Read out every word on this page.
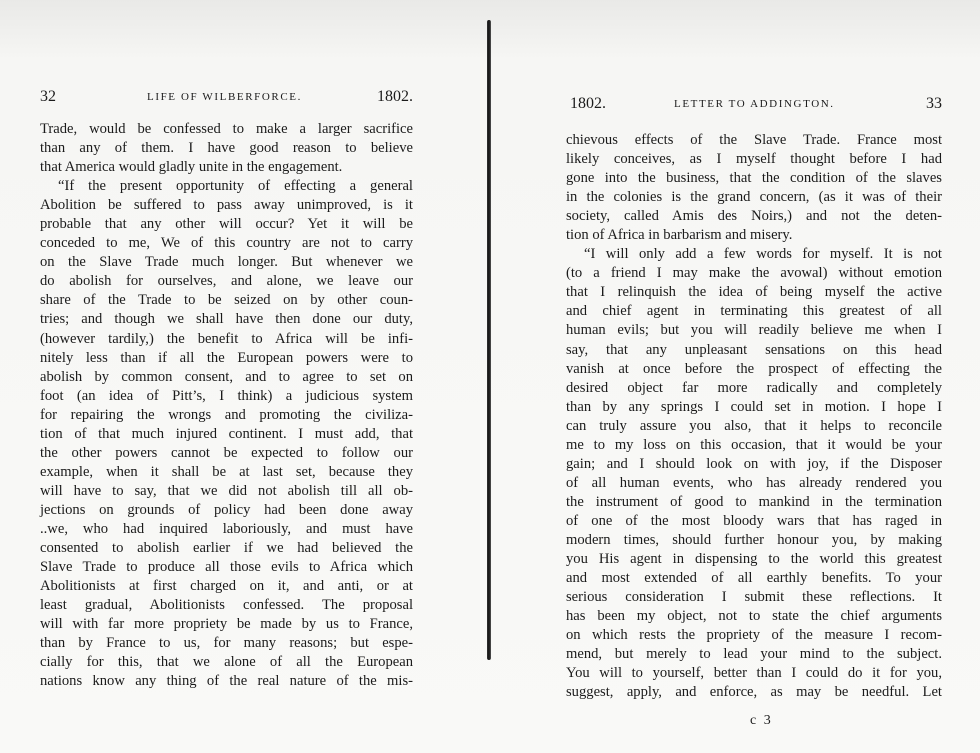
32	LIFE OF WILBERFORCE.	1802.
Trade, would be confessed to make a larger sacrifice
than any of them. I have good reason to believe
that America would gladly unite in the engagement.
“If the present opportunity of effecting a general
Abolition be suffered to pass away unimproved, is it
probable that any other will occur? Yet it will be
conceded to me, We of this country are not to carry
on the Slave Trade much longer. But whenever we
do abolish for ourselves, and alone, we leave our
share of the Trade to be seized on by other coun-
tries; and though we shall have then done our duty,
(however tardily,) the benefit to Africa will be infi-
nitely less than if all the European powers were to
abolish by common consent, and to agree to set on
foot (an idea of Pitt’s, I think) a judicious system
for repairing the wrongs and promoting the civiliza-
tion of that much injured continent. I must add, that
the other powers cannot be expected to follow our
example, when it shall be at last set, because they
will have to say, that we did not abolish till all ob-
jections on grounds of policy had been done away
..we, who had inquired laboriously, and must have
consented to abolish earlier if we had believed the
Slave Trade to produce all those evils to Africa which
Abolitionists at first charged on it, and anti, or at
least gradual, Abolitionists confessed. The proposal
will with far more propriety be made by us to France,
than by France to us, for many reasons; but espe-
cially for this, that we alone of all the European
nations know any thing of the real nature of the mis-
1802.	LETTER TO ADDINGTON.	33
chievous effects of the Slave Trade. France most
likely conceives, as I myself thought before I had
gone into the business, that the condition of the slaves
in the colonies is the grand concern, (as it was of their
society, called Amis des Noirs,) and not the deten-
tion of Africa in barbarism and misery.
“I will only add a few words for myself. It is not
(to a friend I may make the avowal) without emotion
that I relinquish the idea of being myself the active
and chief agent in terminating this greatest of all
human evils; but you will readily believe me when I
say, that any unpleasant sensations on this head
vanish at once before the prospect of effecting the
desired object far more radically and completely
than by any springs I could set in motion. I hope I
can truly assure you also, that it helps to reconcile
me to my loss on this occasion, that it would be your
gain; and I should look on with joy, if the Disposer
of all human events, who has already rendered you
the instrument of good to mankind in the termination
of one of the most bloody wars that has raged in
modern times, should further honour you, by making
you His agent in dispensing to the world this greatest
and most extended of all earthly benefits. To your
serious consideration I submit these reflections. It
has been my object, not to state the chief arguments
on which rests the propriety of the measure I recom-
mend, but merely to lead your mind to the subject.
You will to yourself, better than I could do it for you,
suggest, apply, and enforce, as may be needful. Let
c 3
